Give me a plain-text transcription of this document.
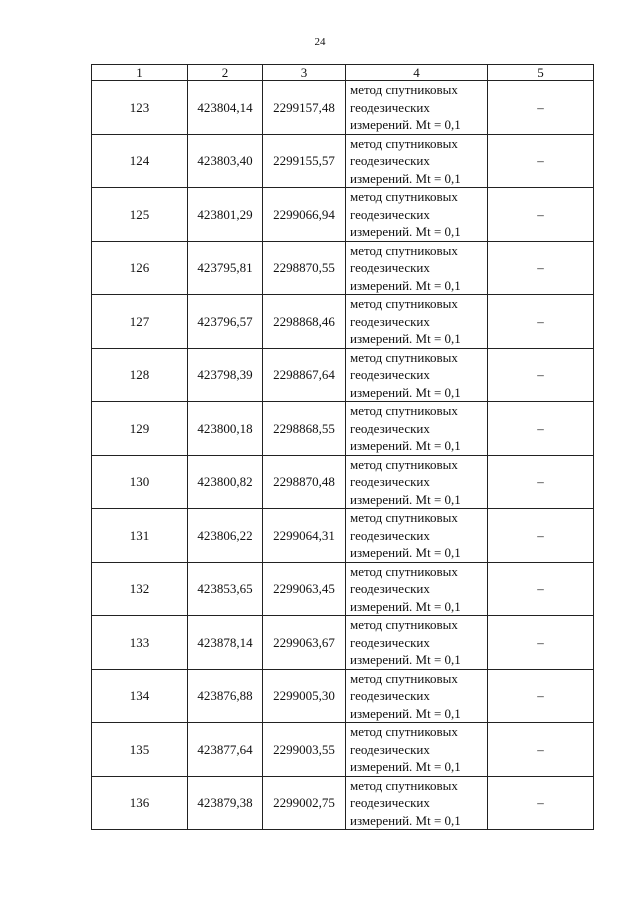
24
1	2	3	4	5
123	423804,14	2299157,48	метод спутниковых
геодезических
измерений. Mt = 0,1	–
124	423803,40	2299155,57	метод спутниковых
геодезических
измерений. Mt = 0,1	–
125	423801,29	2299066,94	метод спутниковых
геодезических
измерений. Mt = 0,1	–
126	423795,81	2298870,55	метод спутниковых
геодезических
измерений. Mt = 0,1	–
127	423796,57	2298868,46	метод спутниковых
геодезических
измерений. Mt = 0,1	–
128	423798,39	2298867,64	метод спутниковых
геодезических
измерений. Mt = 0,1	–
129	423800,18	2298868,55	метод спутниковых
геодезических
измерений. Mt = 0,1	–
130	423800,82	2298870,48	метод спутниковых
геодезических
измерений. Mt = 0,1	–
131	423806,22	2299064,31	метод спутниковых
геодезических
измерений. Mt = 0,1	–
132	423853,65	2299063,45	метод спутниковых
геодезических
измерений. Mt = 0,1	–
133	423878,14	2299063,67	метод спутниковых
геодезических
измерений. Mt = 0,1	–
134	423876,88	2299005,30	метод спутниковых
геодезических
измерений. Mt = 0,1	–
135	423877,64	2299003,55	метод спутниковых
геодезических
измерений. Mt = 0,1	–
136	423879,38	2299002,75	метод спутниковых
геодезических
измерений. Mt = 0,1	–
